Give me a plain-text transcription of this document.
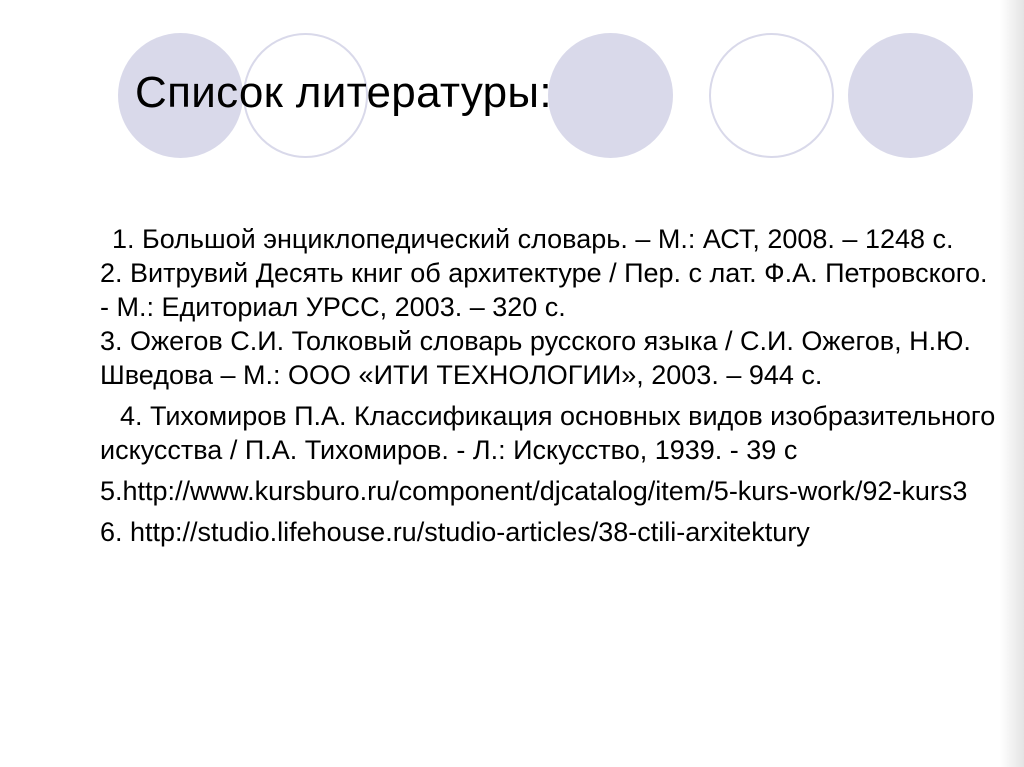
Список литературы:
1. Большой энциклопедический словарь. – М.: АСТ, 2008. – 1248 с.
2. Витрувий Десять книг об архитектуре / Пер. с лат. Ф.А. Петровского. - М.: Едиториал УРСС, 2003. – 320 с.
3. Ожегов С.И. Толковый словарь русского языка / С.И. Ожегов, Н.Ю. Шведова – М.: ООО «ИТИ ТЕХНОЛОГИИ», 2003. – 944 с.
4. Тихомиров П.А. Классификация основных видов изобразительного искусства / П.А. Тихомиров. - Л.: Искусство, 1939. - 39 с
5.http://www.kursburo.ru/component/djcatalog/item/5-kurs-work/92-kurs3
6. http://studio.lifehouse.ru/studio-articles/38-ctili-arxitektury
